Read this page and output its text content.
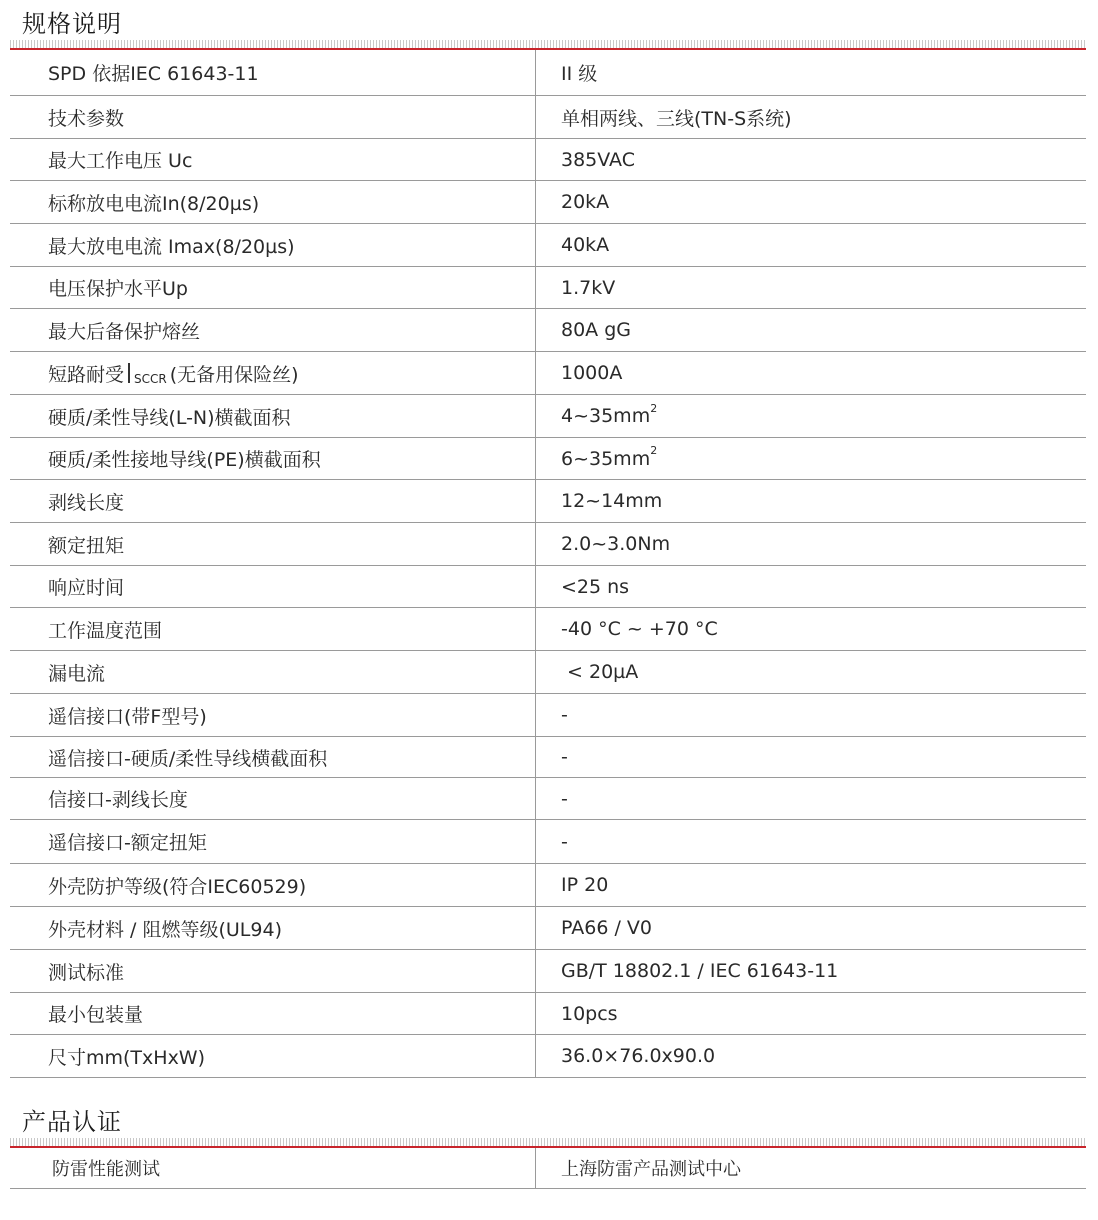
规格说明
SPD 依据IEC 61643-11	II 级
技术参数	单相两线、三线(TN-S系统)
最大工作电压 Uc	385VAC
标称放电电流In(8/20µs)	20kA
最大放电电流 Imax(8/20µs)	40kA
电压保护水平Up	1.7kV
最大后备保护熔丝	80A gG
短路耐受 SCCR (无备用保险丝)	1000A
硬质/柔性导线(L-N)横截面积	4~35mm 2
硬质/柔性接地导线(PE)横截面积	6~35mm 2
剥线长度	12~14mm
额定扭矩	2.0~3.0Nm
响应时间	<25 ns
工作温度范围	-40 °C ~ +70 °C
漏电流	< 20µA
遥信接口(带F型号)	-
遥信接口-硬质/柔性导线横截面积	-
信接口-剥线长度	-
遥信接口-额定扭矩	-
外壳防护等级(符合IEC60529)	IP 20
外壳材料 / 阻燃等级(UL94)	PA66 / V0
测试标准	GB/T 18802.1 / IEC 61643-11
最小包装量	10pcs
尺寸mm(TxHxW)	36.0×76.0x90.0
产品认证
防雷性能测试	上海防雷产品测试中心
